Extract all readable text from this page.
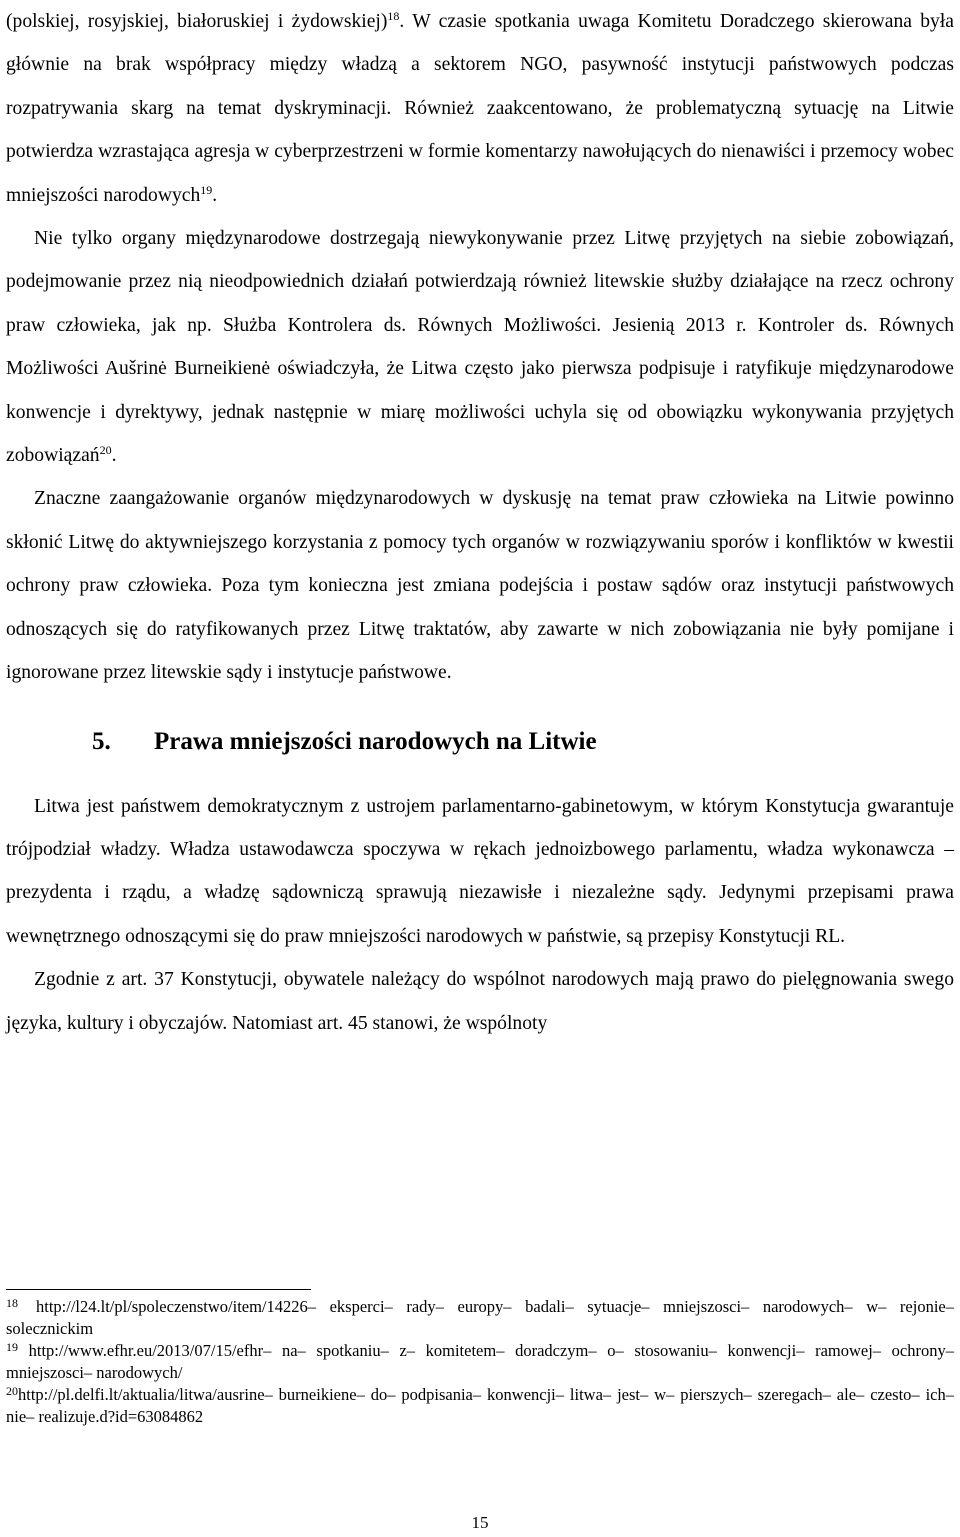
(polskiej, rosyjskiej, białoruskiej i żydowskiej)$^{18}$. W czasie spotkania uwaga Komitetu Doradczego skierowana była głównie na brak współpracy między władzą a sektorem NGO, pasywność instytucji państwowych podczas rozpatrywania skarg na temat dyskryminacji. Również zaakcentowano, że problematyczną sytuację na Litwie potwierdza wzrastająca agresja w cyberprzestrzeni w formie komentarzy nawołujących do nienawiści i przemocy wobec mniejszości narodowych$^{19}$.

Nie tylko organy międzynarodowe dostrzegają niewykonywanie przez Litwę przyjętych na siebie zobowiązań, podejmowanie przez nią nieodpowiednich działań potwierdzają również litewskie służby działające na rzecz ochrony praw człowieka, jak np. Służba Kontrolera ds. Równych Możliwości. Jesienią 2013 r. Kontroler ds. Równych Możliwości Aušrinė Burneikienė oświadczyła, że Litwa często jako pierwsza podpisuje i ratyfikuje międzynarodowe konwencje i dyrektywy, jednak następnie w miarę możliwości uchyla się od obowiązku wykonywania przyjętych zobowiązań$^{20}$.

Znaczne zaangażowanie organów międzynarodowych w dyskusję na temat praw człowieka na Litwie powinno skłonić Litwę do aktywniejszego korzystania z pomocy tych organów w rozwiązywaniu sporów i konfliktów w kwestii ochrony praw człowieka. Poza tym konieczna jest zmiana podejścia i postaw sądów oraz instytucji państwowych odnoszących się do ratyfikowanych przez Litwę traktatów, aby zawarte w nich zobowiązania nie były pomijane i ignorowane przez litewskie sądy i instytucje państwowe.

5. Prawa mniejszości narodowych na Litwie

Litwa jest państwem demokratycznym z ustrojem parlamentarno-gabinetowym, w którym Konstytucja gwarantuje trójpodział władzy. Władza ustawodawcza spoczywa w rękach jednoizbowego parlamentu, władza wykonawcza – prezydenta i rządu, a władzę sądowniczą sprawują niezawisłe i niezależne sądy. Jedynymi przepisami prawa wewnętrznego odnoszącymi się do praw mniejszości narodowych w państwie, są przepisy Konstytucji RL.

Zgodnie z art. 37 Konstytucji, obywatele należący do wspólnot narodowych mają prawo do pielęgnowania swego języka, kultury i obyczajów. Natomiast art. 45 stanowi, że wspólnoty

$^{18}$ http://l24.lt/pl/spoleczenstwo/item/14226– eksperci– rady– europy– badali– sytuacje– mniejszosci– narodowych– w– rejonie– solecznickim

$^{19}$ http://www.efhr.eu/2013/07/15/efhr– na– spotkaniu– z– komitetem– doradczym– o– stosowaniu– konwencji– ramowej– ochrony– mniejszosci– narodowych/

$^{20}$http://pl.delfi.lt/aktualia/litwa/ausrine– burneikiene– do– podpisania– konwencji– litwa– jest– w– pierszych– szeregach– ale– czesto– ich– nie– realizuje.d?id=63084862

15
